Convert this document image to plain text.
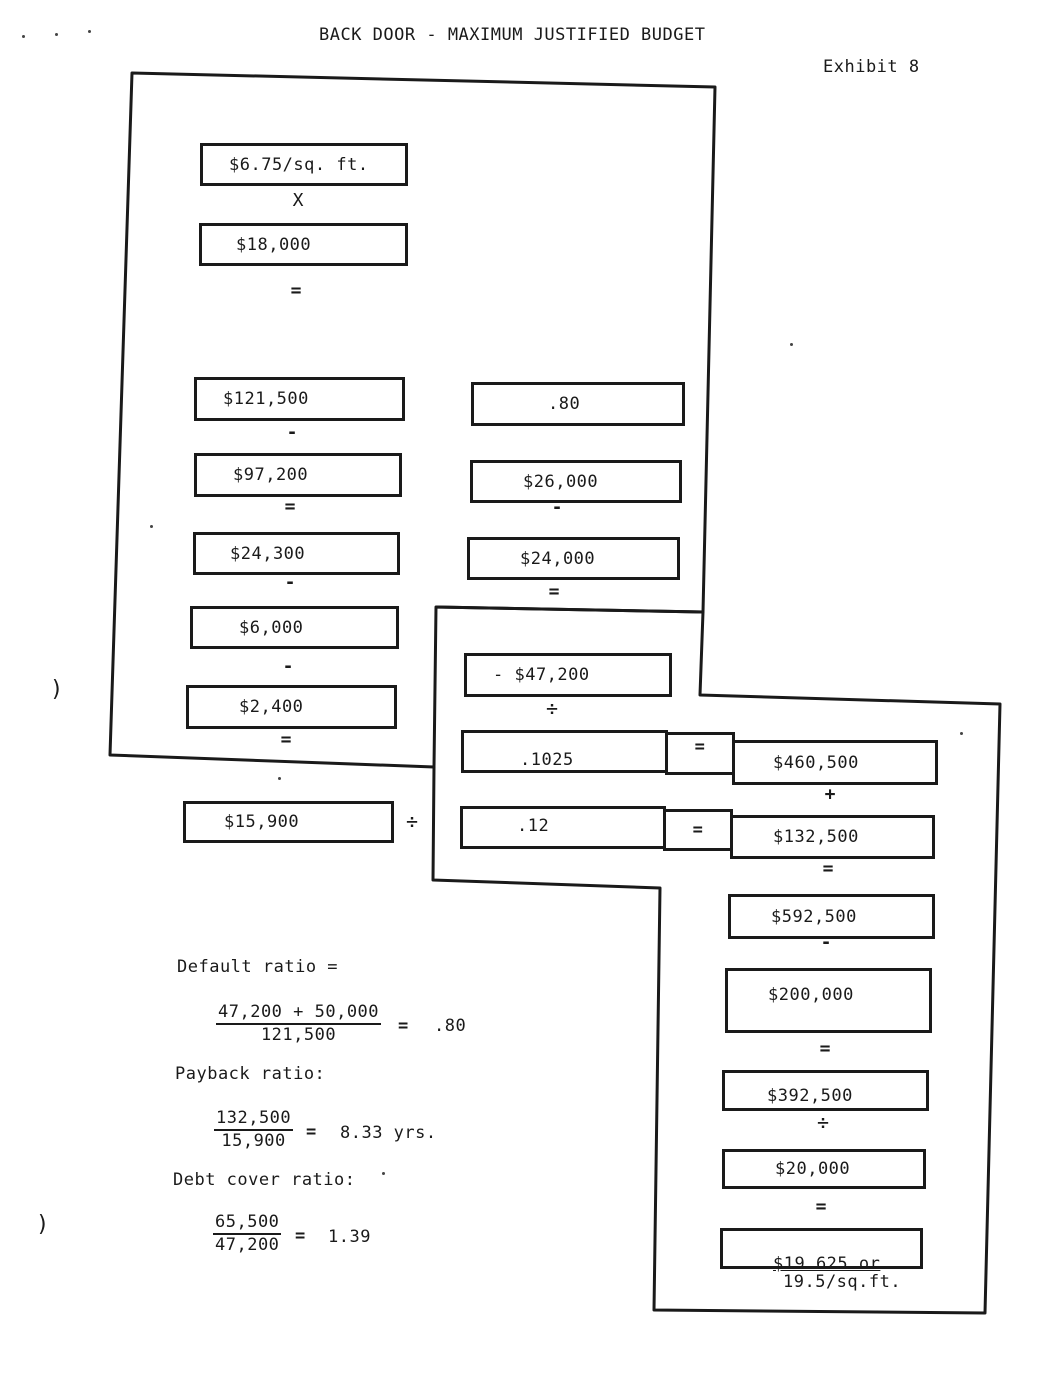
BACK DOOR - MAXIMUM JUSTIFIED BUDGET
Exhibit 8
$6.75/sq. ft.
X
$18,000
=
$121,500
-
$97,200
=
$24,300
-
$6,000
-
$2,400
=
$15,900	÷
.80
$26,000
-
$24,000
=
- $47,200
÷
.1025
=
$460,500
+
.12	=	$132,500
=
$592,500
-
$200,000
=
$392,500
÷
$20,000
=
$19.625 or
19.5/sq.ft.
Default ratio =
$\frac{47,200 + 50,000}{121,500} = .80$
Payback ratio:
$\frac{132,500}{15,900} = 8.33$ yrs.
Debt cover ratio:
$\frac{65,500}{47,200} = 1.39$
)
)
